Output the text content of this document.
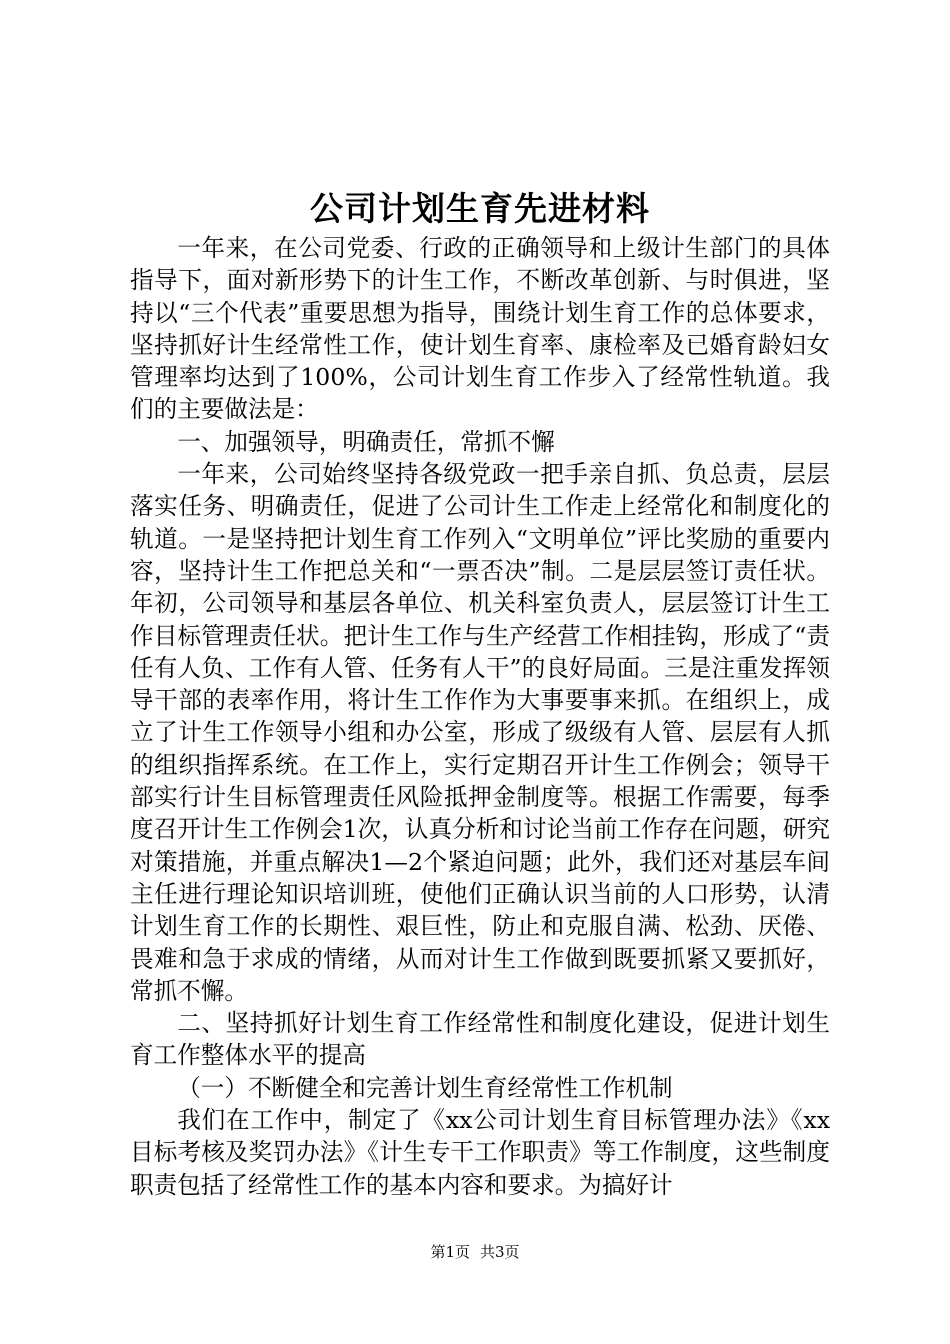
公司计划生育先进材料

一年来，在公司党委、行政的正确领导和上级计生部门的具体指导下，面对新形势下的计生工作，不断改革创新、与时俱进，坚持以“三个代表”重要思想为指导，围绕计划生育工作的总体要求，坚持抓好计生经常性工作，使计划生育率、康检率及已婚育龄妇女管理率均达到了100%，公司计划生育工作步入了经常性轨道。我们的主要做法是：

一、加强领导，明确责任，常抓不懈

一年来，公司始终坚持各级党政一把手亲自抓、负总责，层层落实任务、明确责任，促进了公司计生工作走上经常化和制度化的轨道。一是坚持把计划生育工作列入“文明单位”评比奖励的重要内容，坚持计生工作把总关和“一票否决”制。二是层层签订责任状。年初，公司领导和基层各单位、机关科室负责人，层层签订计生工作目标管理责任状。把计生工作与生产经营工作相挂钩，形成了“责任有人负、工作有人管、任务有人干”的良好局面。三是注重发挥领导干部的表率作用，将计生工作作为大事要事来抓。在组织上，成立了计生工作领导小组和办公室，形成了级级有人管、层层有人抓的组织指挥系统。在工作上，实行定期召开计生工作例会；领导干部实行计生目标管理责任风险抵押金制度等。根据工作需要，每季度召开计生工作例会1次，认真分析和讨论当前工作存在问题，研究对策措施，并重点解决1—2个紧迫问题；此外，我们还对基层车间主任进行理论知识培训班，使他们正确认识当前的人口形势，认清计划生育工作的长期性、艰巨性，防止和克服自满、松劲、厌倦、畏难和急于求成的情绪，从而对计生工作做到既要抓紧又要抓好，常抓不懈。

二、坚持抓好计划生育工作经常性和制度化建设，促进计划生育工作整体水平的提高

（一）不断健全和完善计划生育经常性工作机制

我们在工作中，制定了《xx公司计划生育目标管理办法》《xx目标考核及奖罚办法》《计生专干工作职责》等工作制度，这些制度职责包括了经常性工作的基本内容和要求。为搞好计

第1页 共3页
